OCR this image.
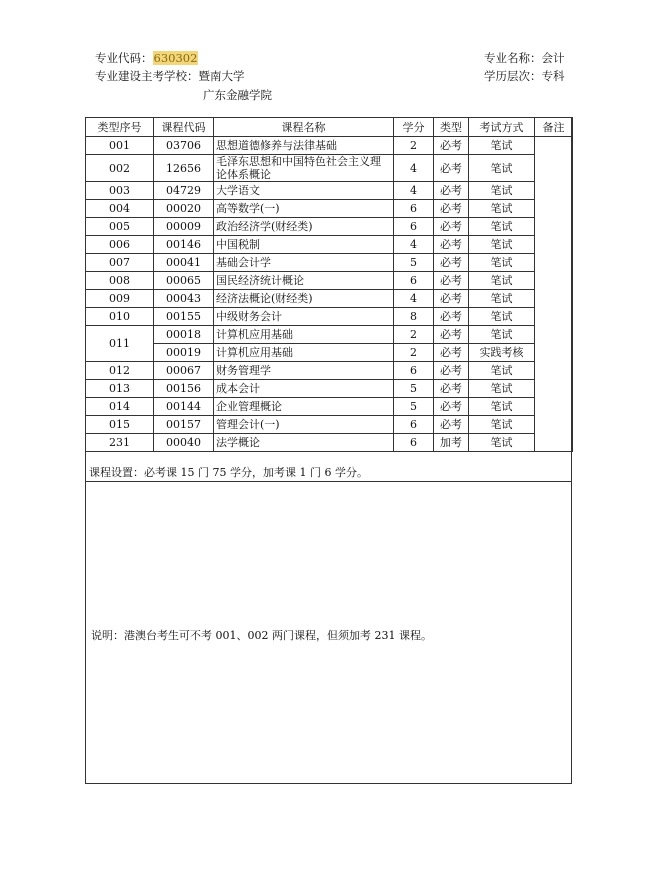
专业代码：630302	专业名称：会计
专业建设主考学校：暨南大学	学历层次：专科
广东金融学院
类型序号	课程代码	课程名称	学分	类型	考试方式	备注
001	03706	思想道德修养与法律基础	2	必考	笔试	
002	12656	毛泽东思想和中国特色社会主义理论体系概论	4	必考	笔试	
003	04729	大学语文	4	必考	笔试	
004	00020	高等数学(一)	6	必考	笔试	
005	00009	政治经济学(财经类)	6	必考	笔试	
006	00146	中国税制	4	必考	笔试	
007	00041	基础会计学	5	必考	笔试	
008	00065	国民经济统计概论	6	必考	笔试	
009	00043	经济法概论(财经类)	4	必考	笔试	
010	00155	中级财务会计	8	必考	笔试	
011	00018	计算机应用基础	2	必考	笔试	
	00019	计算机应用基础	2	必考	实践考核	
012	00067	财务管理学	6	必考	笔试	
013	00156	成本会计	5	必考	笔试	
014	00144	企业管理概论	5	必考	笔试	
015	00157	管理会计(一)	6	必考	笔试	
231	00040	法学概论	6	加考	笔试	
课程设置：必考课 15 门 75 学分，加考课 1 门 6 学分。
说明：港澳台考生可不考 001、002 两门课程，但须加考 231 课程。
